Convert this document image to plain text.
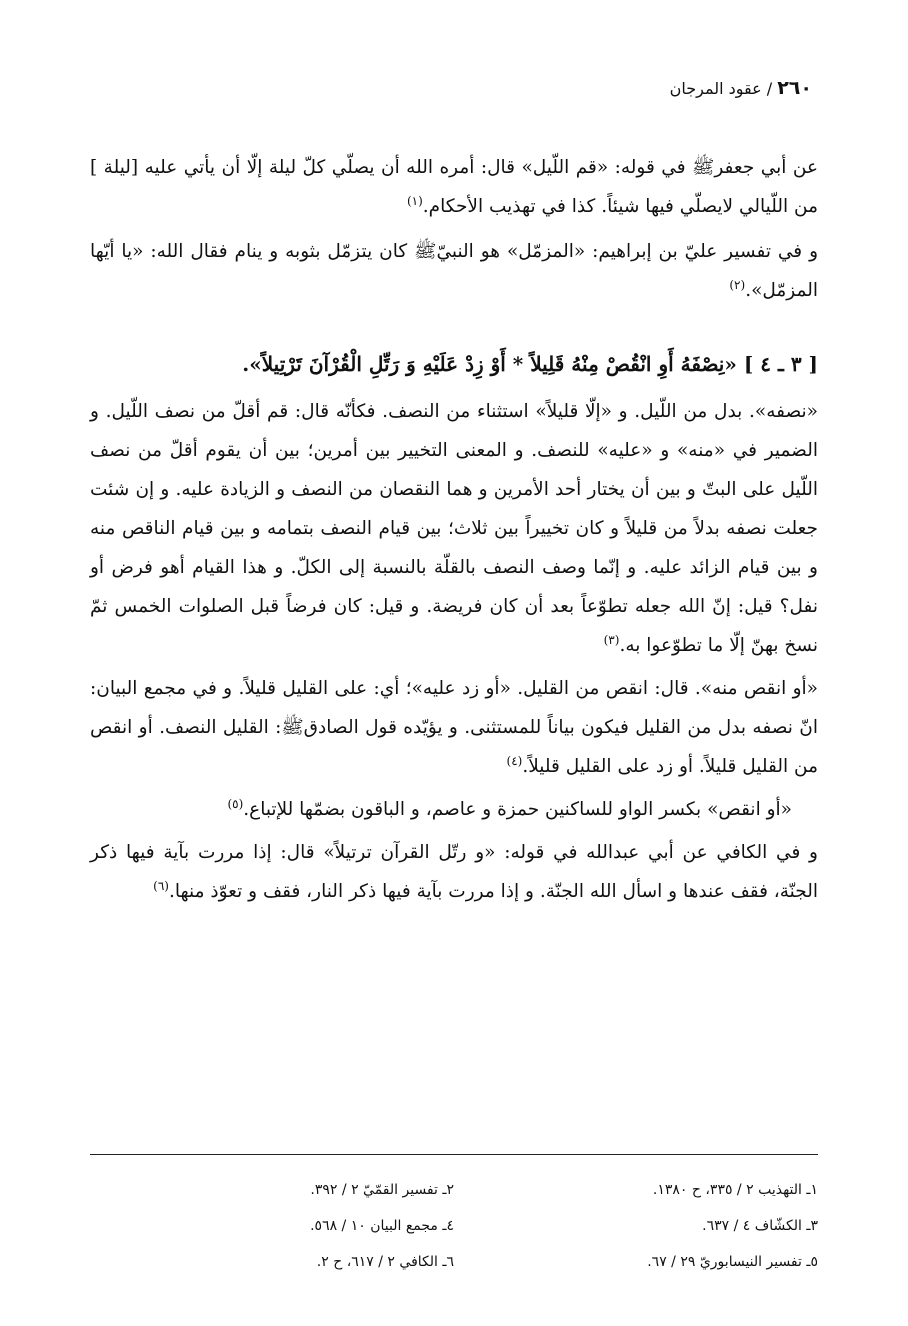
٢٦٠ / عقود المرجان

عن أبي جعفرﷺ في قوله: «قم اللّيل» قال: أمره الله أن يصلّي كلّ ليلة إلّا أن يأتي عليه [ليلة ] من اللّيالي لايصلّي فيها شيئاً. كذا في تهذيب الأحكام.$^{(١)}$

و في تفسير عليّ بن إبراهيم: «المزمّل» هو النبيّﷺ كان يتزمّل بثوبه و ينام فقال الله: «يا أيّها المزمّل».$^{(٢)}$

[ ٣ ـ ٤ ] «نِصْفَهُ أَوِ انْقُصْ مِنْهُ قَلِيلاً * أَوْ زِدْ عَلَيْهِ وَ رَتِّلِ الْقُرْآنَ تَرْتِيلاً».

«نصفه». بدل من اللّيل. و «إلّا قليلاً» استثناء من النصف. فكأنّه قال: قم أقلّ من نصف اللّيل. و الضمير في «منه» و «عليه» للنصف. و المعنى التخيير بين أمرين؛ بين أن يقوم أقلّ من نصف اللّيل على البتّ و بين أن يختار أحد الأمرين و هما النقصان من النصف و الزيادة عليه. و إن شئت جعلت نصفه بدلاً من قليلاً و كان تخييراً بين ثلاث؛ بين قيام النصف بتمامه و بين قيام الناقص منه و بين قيام الزائد عليه. و إنّما وصف النصف بالقلّة بالنسبة إلى الكلّ. و هذا القيام أهو فرض أو نفل؟ قيل: إنّ الله جعله تطوّعاً بعد أن كان فريضة. و قيل: كان فرضاً قبل الصلوات الخمس ثمّ نسخ بهنّ إلّا ما تطوّعوا به.$^{(٣)}$

«أو انقص منه». قال: انقص من القليل. «أو زد عليه»؛ أي: على القليل قليلاً. و في مجمع البيان: انّ نصفه بدل من القليل فيكون بياناً للمستثنى. و يؤيّده قول الصادقﷺ: القليل النصف. أو انقص من القليل قليلاً. أو زد على القليل قليلاً.$^{(٤)}$

«أو انقص» بكسر الواو للساكنين حمزة و عاصم، و الباقون بضمّها للإتباع.$^{(٥)}$

و في الكافي عن أبي عبدالله في قوله: «و رتّل القرآن ترتيلاً» قال: إذا مررت بآية فيها ذكر الجنّة، فقف عندها و اسأل الله الجنّة. و إذا مررت بآية فيها ذكر النار، فقف و تعوّذ منها.$^{(٦)}$

١ـ التهذيب ٢ / ٣٣٥، ح ١٣٨٠.
٢ـ تفسير القمّيّ ٢ / ٣٩٢.
٣ـ الكشّاف ٤ / ٦٣٧.
٤ـ مجمع البيان ١٠ / ٥٦٨.
٥ـ تفسير النيسابوريّ ٢٩ / ٦٧.
٦ـ الكافي ٢ / ٦١٧، ح ٢.
